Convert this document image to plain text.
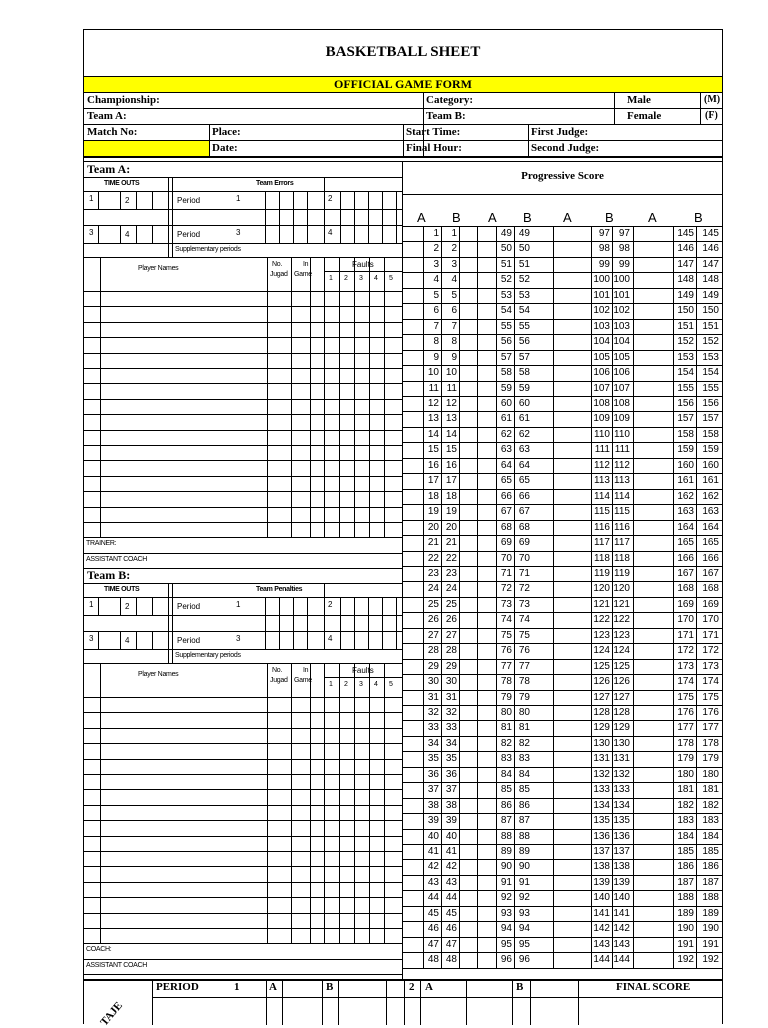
BASKETBALL SHEET
OFFICIAL GAME FORM
Championship:	Category:	Male	(M)
Team A:	Team B:	Female	(F)
Match No:	Place:	Start Time:	First Judge:
Date:	Final Hour:	Second Judge:
Progressive Score
A B A B A	B	A	B
1	1	49 49	97 97	145 145
2	2	50 50	98 98	146 146
3	3	51 51	99 99	147 147
4	4	52 52	100 100	148 148
5	5	53 53	101 101	149 149
6	6	54 54	102 102	150 150
7	7	55 55	103 103	151 151
8	8	56 56	104 104	152 152
9	9	57 57	105 105	153 153
10 10	58 58	106 106	154 154
11 11	59 59	107 107	155 155
12 12	60 60	108 108	156 156
13 13	61 61	109 109	157 157
14 14	62 62	110 110	158 158
15 15	63 63	111 111	159 159
16 16	64 64	112 112	160 160
17 17	65 65	113 113	161 161
18 18	66 66	114 114	162 162
19 19	67 67	115 115	163 163
20 20	68 68	116 116	164 164
21 21	69 69	117 117	165 165
22 22	70 70	118 118	166 166
23 23	71 71	119 119	167 167
24 24	72 72	120 120	168 168
25 25	73 73	121 121	169 169
26 26	74 74	122 122	170 170
27 27	75 75	123 123	171 171
28 28	76 76	124 124	172 172
29 29	77 77	125 125	173 173
30 30	78 78	126 126	174 174
31 31	79 79	127 127	175 175
32 32	80 80	128 128	176 176
33 33	81 81	129 129	177 177
34 34	82 82	130 130	178 178
35 35	83 83	131 131	179 179
36 36	84 84	132 132	180 180
37 37	85 85	133 133	181 181
38 38	86 86	134 134	182 182
39 39	87 87	135 135	183 183
40 40	88 88	136 136	184 184
41 41	89 89	137 137	185 185
42 42	90 90	138 138	186 186
43 43	91 91	139 139	187 187
44 44	92 92	140 140	188 188
45 45	93 93	141 141	189 189
46 46	94 94	142 142	190 190
47 47	95 95	143 143	191 191
48 48	96 96	144 144	192 192
Team A:
TIME OUTS	Team Errors
1	2
3	4
Period	1
Period	3
2
4
Supplementary periods
Player Names
No.
Jugad
In
Game
Faults
1 2 3 4 5
TRAINER:
ASSISTANT COACH
Team B:
TIME OUTS	Team Penalties
1	2
3	4
Period	1
Period	3
2
4
Supplementary periods
Player Names
No.
Jugad
In
Game
Faults
1 2 3 4 5
COACH:
ASSISTANT COACH
PERIOD	1	A	B	2 A	B	FINAL SCORE
TAJE
